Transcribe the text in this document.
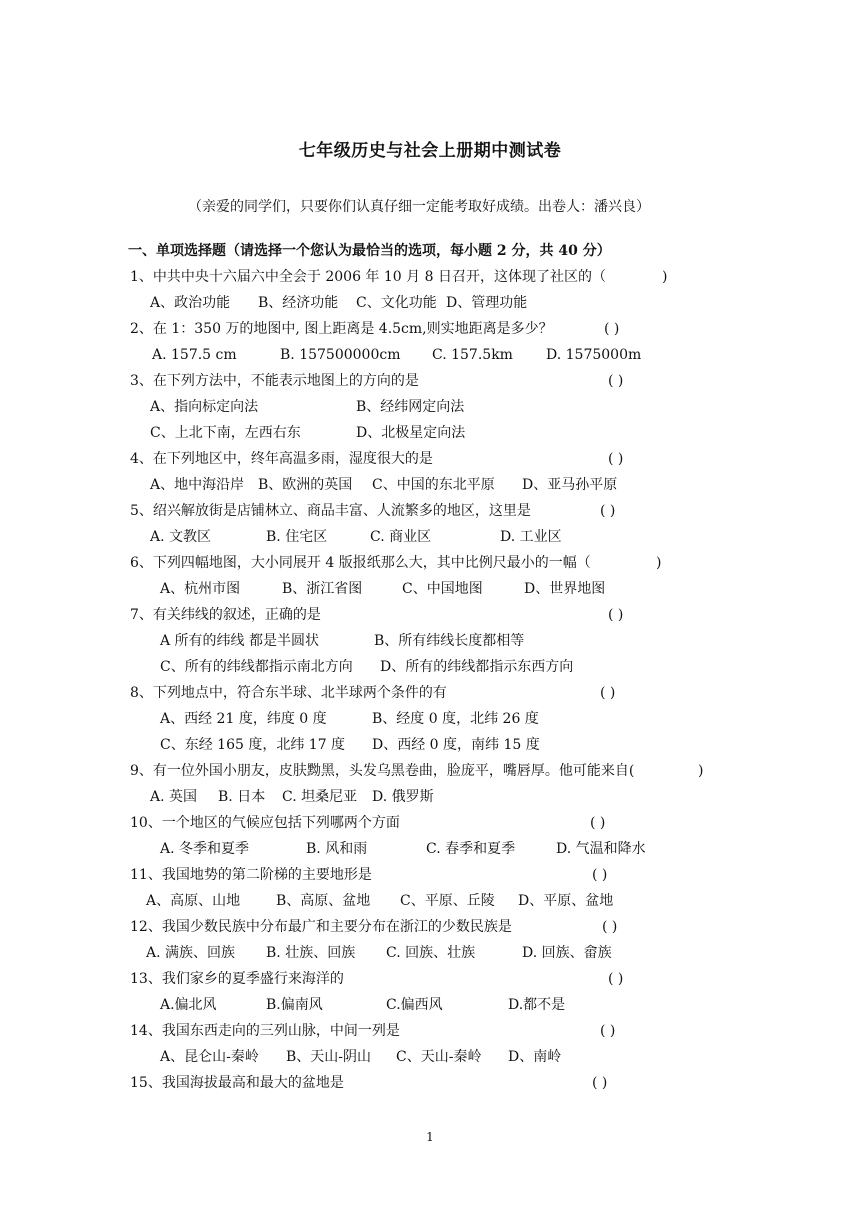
七年级历史与社会上册期中测试卷
（亲爱的同学们，只要你们认真仔细一定能考取好成绩。出卷人：潘兴良）
一、单项选择题（请选择一个您认为最恰当的选项，每小题 2 分，共 40 分）
1、中共中央十六届六中全会于 2006 年 10 月 8 日召开，这体现了社区的（	)
A、政治功能 B、经济功能 C、文化功能 D、管理功能
2、在 1：350 万的地图中, 图上距离是 4.5cm,则实地距离是多少？	( )
A. 157.5 cm	B. 157500000cm C. 157.5km D. 1575000m
3、在下列方法中，不能表示地图上的方向的是	( )
A、指向标定向法	B、经纬网定向法
C、上北下南，左西右东	D、北极星定向法
4、在下列地区中，终年高温多雨，湿度很大的是	( )
A、地中海沿岸 B、欧洲的英国 C、中国的东北平原 D、亚马孙平原
5、绍兴解放街是店铺林立、商品丰富、人流繁多的地区，这里是	( )
A. 文教区	B. 住宅区	C. 商业区	D. 工业区
6、下列四幅地图，大小同展开 4 版报纸那么大，其中比例尺最小的一幅（	)
A、杭州市图	B、浙江省图	C、中国地图	D、世界地图
7、有关纬线的叙述，正确的是	( )
A 所有的纬线 都是半圆状	B、所有纬线长度都相等
C、所有的纬线都指示南北方向 D、所有的纬线都指示东西方向
8、下列地点中，符合东半球、北半球两个条件的有	( )
A、西经 21 度，纬度 0 度	B、经度 0 度，北纬 26 度
C、东经 165 度，北纬 17 度 D、西经 0 度，南纬 15 度
9、有一位外国小朋友，皮肤黝黑，头发乌黑卷曲，脸庞平，嘴唇厚。他可能来自(	)
A. 英国 B. 日本 C. 坦桑尼亚 D. 俄罗斯
10、一个地区的气候应包括下列哪两个方面	( )
A. 冬季和夏季	B. 风和雨	C. 春季和夏季	D. 气温和降水
11、我国地势的第二阶梯的主要地形是	( )
A、高原、山地	B、高原、盆地 C、平原、丘陵 D、平原、盆地
12、我国少数民族中分布最广和主要分布在浙江的少数民族是	( )
A. 满族、回族 B. 壮族、回族 C. 回族、壮族	D. 回族、畲族
13、我们家乡的夏季盛行来海洋的	( )
A.偏北风	B.偏南风	C.偏西风	D.都不是
14、我国东西走向的三列山脉，中间一列是	( )
A、昆仑山-秦岭 B、天山-阴山 C、天山-秦岭 D、南岭
15、我国海拔最高和最大的盆地是	( )
1
